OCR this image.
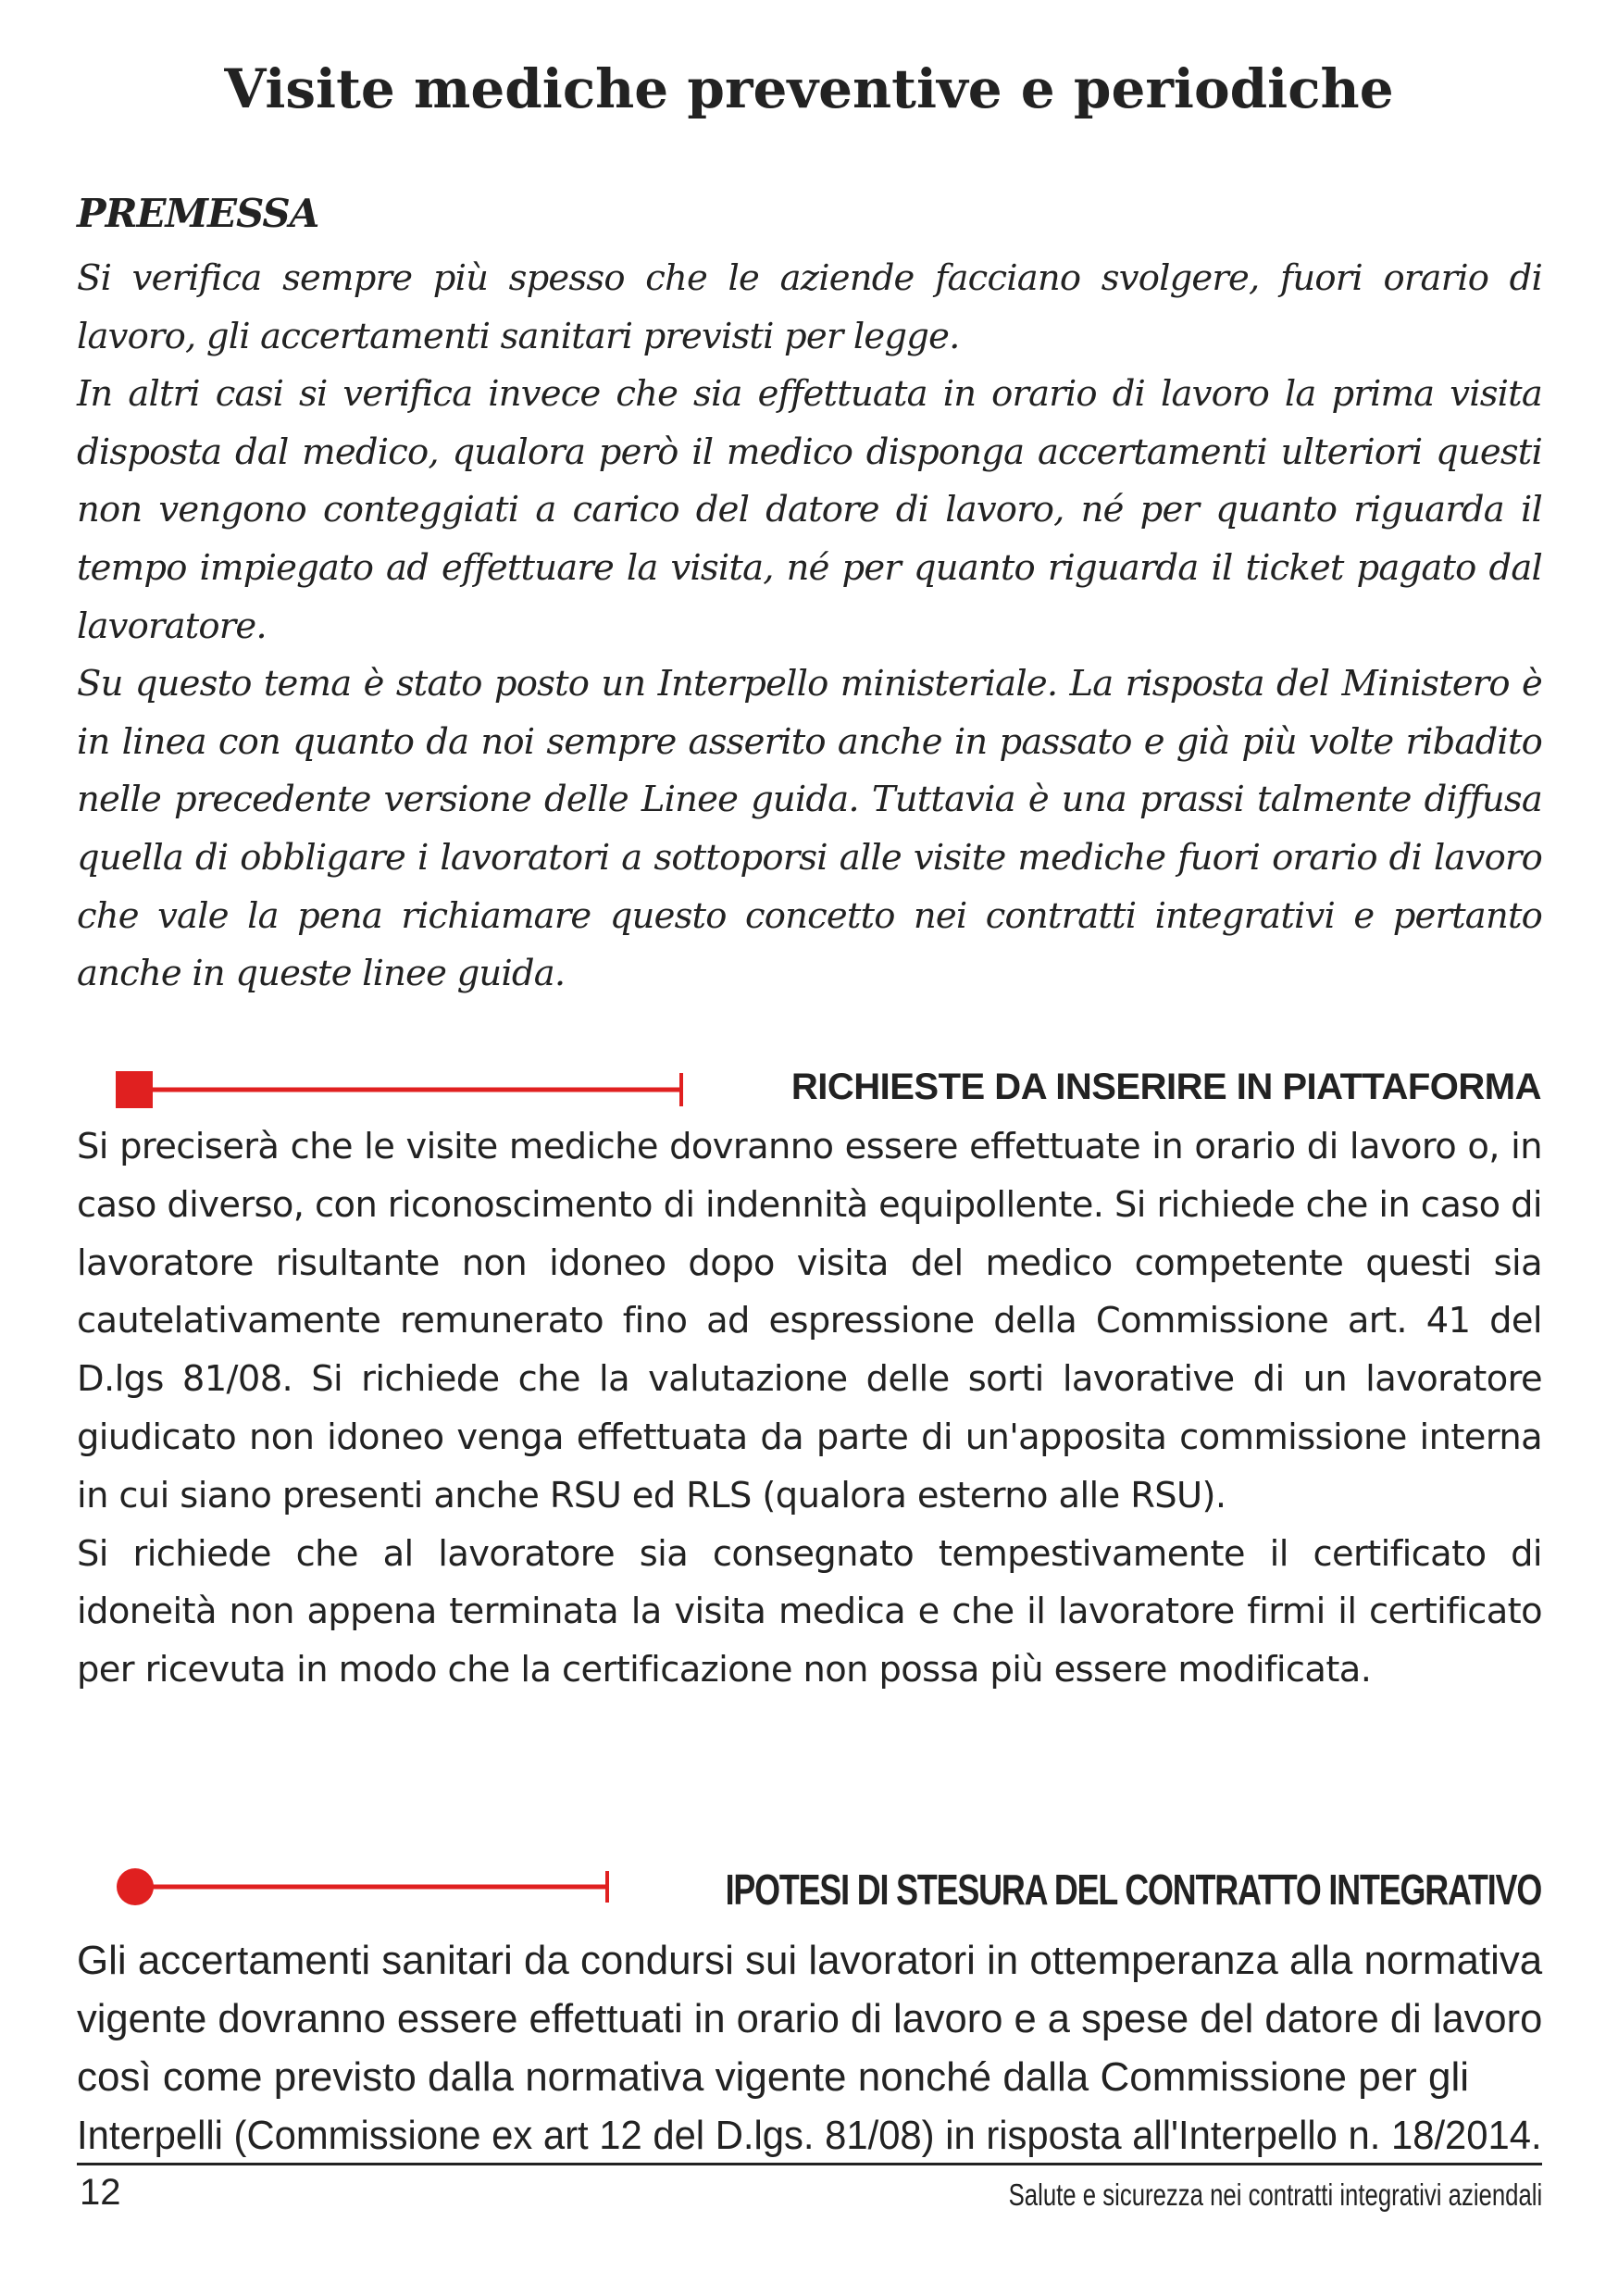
Visite mediche preventive e periodiche
PREMESSA

Si verifica sempre più spesso che le aziende facciano svolgere, fuori orario di lavoro, gli accertamenti sanitari previsti per legge.

In altri casi si verifica invece che sia effettuata in orario di lavoro la prima visita disposta dal medico, qualora però il medico disponga accertamenti ulteriori questi non vengono conteggiati a carico del datore di lavoro, né per quanto riguarda il tempo impiegato ad effettuare la visita, né per quanto riguarda il ticket pagato dal lavoratore.

Su questo tema è stato posto un Interpello ministeriale. La risposta del Ministero è in linea con quanto da noi sempre asserito anche in passato e già più volte ribadito nelle precedente versione delle Linee guida. Tuttavia è una prassi talmente diffusa quella di obbligare i lavoratori a sottoporsi alle visite mediche fuori orario di lavoro che vale la pena richiamare questo concetto nei contratti integrativi e pertanto anche in queste linee guida.

RICHIESTE DA INSERIRE IN PIATTAFORMA

Si preciserà che le visite mediche dovranno essere effettuate in orario di lavoro o, in caso diverso, con riconoscimento di indennità equipollente. Si richiede che in caso di lavoratore risultante non idoneo dopo visita del medico competente questi sia cautelativamente remunerato fino ad espressione della Commissione art. 41 del D.lgs 81/08. Si richiede che la valutazione delle sorti lavorative di un lavoratore giudicato non idoneo venga effettuata da parte di un'apposita commissione interna in cui siano presenti anche RSU ed RLS (qualora esterno alle RSU).

Si richiede che al lavoratore sia consegnato tempestivamente il certificato di idoneità non appena terminata la visita medica e che il lavoratore firmi il certificato per ricevuta in modo che la certificazione non possa più essere modificata.

IPOTESI DI STESURA DEL CONTRATTO INTEGRATIVO
Gli accertamenti sanitari da condursi sui lavoratori in ottemperanza alla normativa
vigente dovranno essere effettuati in orario di lavoro e a spese del datore di lavoro
così come previsto dalla normativa vigente nonché dalla Commissione per gli
Interpelli (Commissione ex art 12 del D.lgs. 81/08) in risposta all'Interpello n. 18/2014.
12	Salute e sicurezza nei contratti integrativi aziendali
